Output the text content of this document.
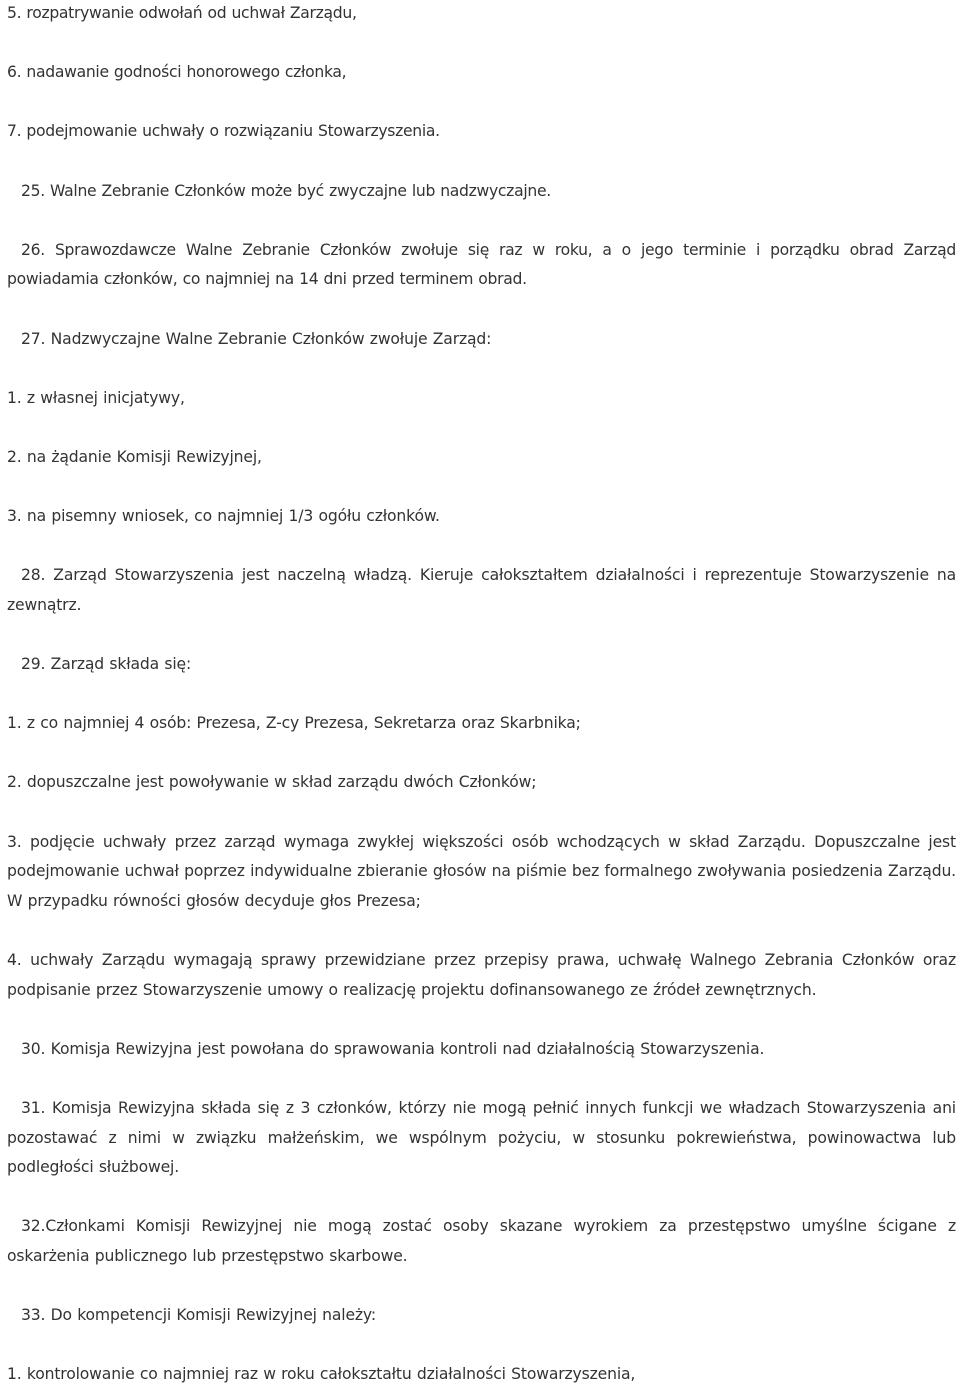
5. rozpatrywanie odwołań od uchwał Zarządu,

6. nadawanie godności honorowego członka,

7. podejmowanie uchwały o rozwiązaniu Stowarzyszenia.

25. Walne Zebranie Członków może być zwyczajne lub nadzwyczajne.

26. Sprawozdawcze Walne Zebranie Członków zwołuje się raz w roku, a o jego terminie i porządku obrad Zarząd powiadamia członków, co najmniej na 14 dni przed terminem obrad.

27. Nadzwyczajne Walne Zebranie Członków zwołuje Zarząd:

1. z własnej inicjatywy,

2. na żądanie Komisji Rewizyjnej,

3. na pisemny wniosek, co najmniej 1/3 ogółu członków.

28. Zarząd Stowarzyszenia jest naczelną władzą. Kieruje całokształtem działalności i reprezentuje Stowarzyszenie na zewnątrz.

29. Zarząd składa się:

1. z co najmniej 4 osób: Prezesa, Z-cy Prezesa, Sekretarza oraz Skarbnika;

2. dopuszczalne jest powoływanie w skład zarządu dwóch Członków;

3. podjęcie uchwały przez zarząd wymaga zwykłej większości osób wchodzących w skład Zarządu. Dopuszczalne jest podejmowanie uchwał poprzez indywidualne zbieranie głosów na piśmie bez formalnego zwoływania posiedzenia Zarządu. W przypadku równości głosów decyduje głos Prezesa;

4. uchwały Zarządu wymagają sprawy przewidziane przez przepisy prawa, uchwałę Walnego Zebrania Członków oraz podpisanie przez Stowarzyszenie umowy o realizację projektu dofinansowanego ze źródeł zewnętrznych.

30. Komisja Rewizyjna jest powołana do sprawowania kontroli nad działalnością Stowarzyszenia.

31. Komisja Rewizyjna składa się z 3 członków, którzy nie mogą pełnić innych funkcji we władzach Stowarzyszenia ani pozostawać z nimi w związku małżeńskim, we wspólnym pożyciu, w stosunku pokrewieństwa, powinowactwa lub podległości służbowej.

32.Członkami Komisji Rewizyjnej nie mogą zostać osoby skazane wyrokiem za przestępstwo umyślne ścigane z oskarżenia publicznego lub przestępstwo skarbowe.

33. Do kompetencji Komisji Rewizyjnej należy:

1. kontrolowanie co najmniej raz w roku całokształtu działalności Stowarzyszenia,
